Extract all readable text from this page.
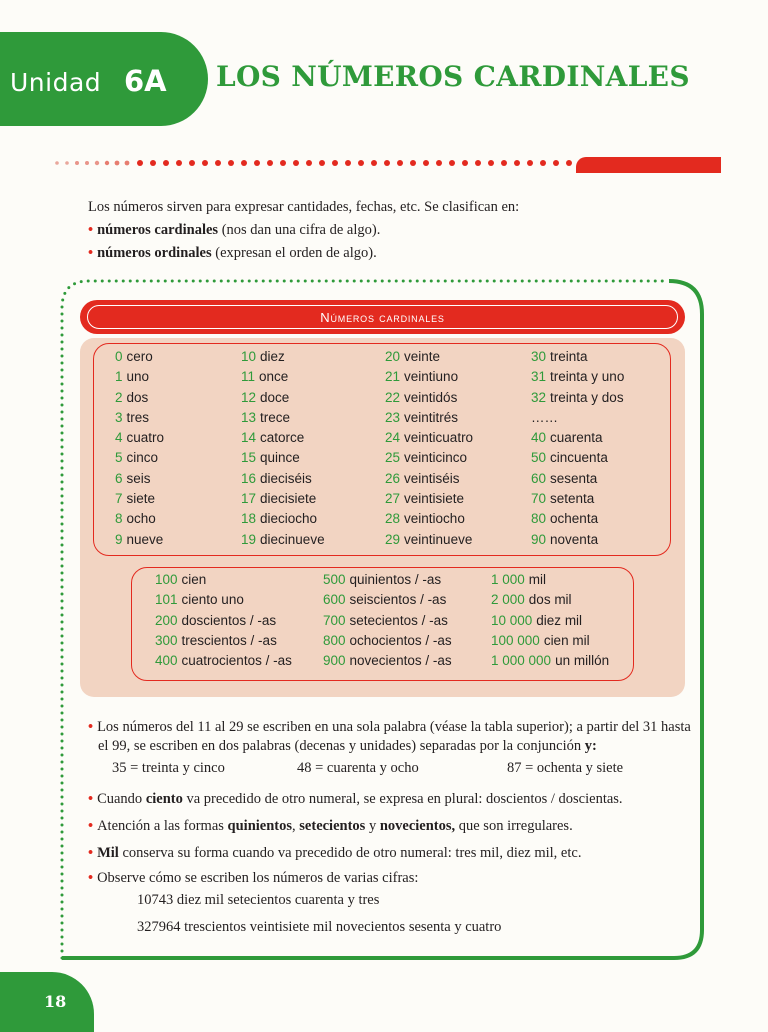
Unidad 6A LOS NÚMEROS CARDINALES
Los números sirven para expresar cantidades, fechas, etc. Se clasifican en:
• números cardinales (nos dan una cifra de algo).
• números ordinales (expresan el orden de algo).
Números cardinales
0 cero
1 uno
2 dos
3 tres
4 cuatro
5 cinco
6 seis
7 siete
8 ocho
9 nueve
10 diez
11 once
12 doce
13 trece
14 catorce
15 quince
16 dieciséis
17 diecisiete
18 dieciocho
19 diecinueve
20 veinte
21 veintiuno
22 veintidós
23 veintitrés
24 veinticuatro
25 veinticinco
26 veintiséis
27 veintisiete
28 veintiocho
29 veintinueve
30 treinta
31 treinta y uno
32 treinta y dos
……
40 cuarenta
50 cincuenta
60 sesenta
70 setenta
80 ochenta
90 noventa
100 cien
101 ciento uno
200 doscientos / -as
300 trescientos / -as
400 cuatrocientos / -as
500 quinientos / -as
600 seiscientos / -as
700 setecientos / -as
800 ochocientos / -as
900 novecientos / -as
1 000 mil
2 000 dos mil
10 000 diez mil
100 000 cien mil
1 000 000 un millón

• Los números del 11 al 29 se escriben en una sola palabra (véase la tabla superior); a partir del 31 hasta el 99, se escriben en dos palabras (decenas y unidades) separadas por la conjunción y:

35 = treinta y cinco	48 = cuarenta y ocho	87 = ochenta y siete
• Cuando ciento va precedido de otro numeral, se expresa en plural: doscientos / doscientas.
• Atención a las formas quinientos, setecientos y novecientos, que son irregulares.
• Mil conserva su forma cuando va precedido de otro numeral: tres mil, diez mil, etc.
• Observe cómo se escriben los números de varias cifras:
10743 diez mil setecientos cuarenta y tres
327964 trescientos veintisiete mil novecientos sesenta y cuatro
18
